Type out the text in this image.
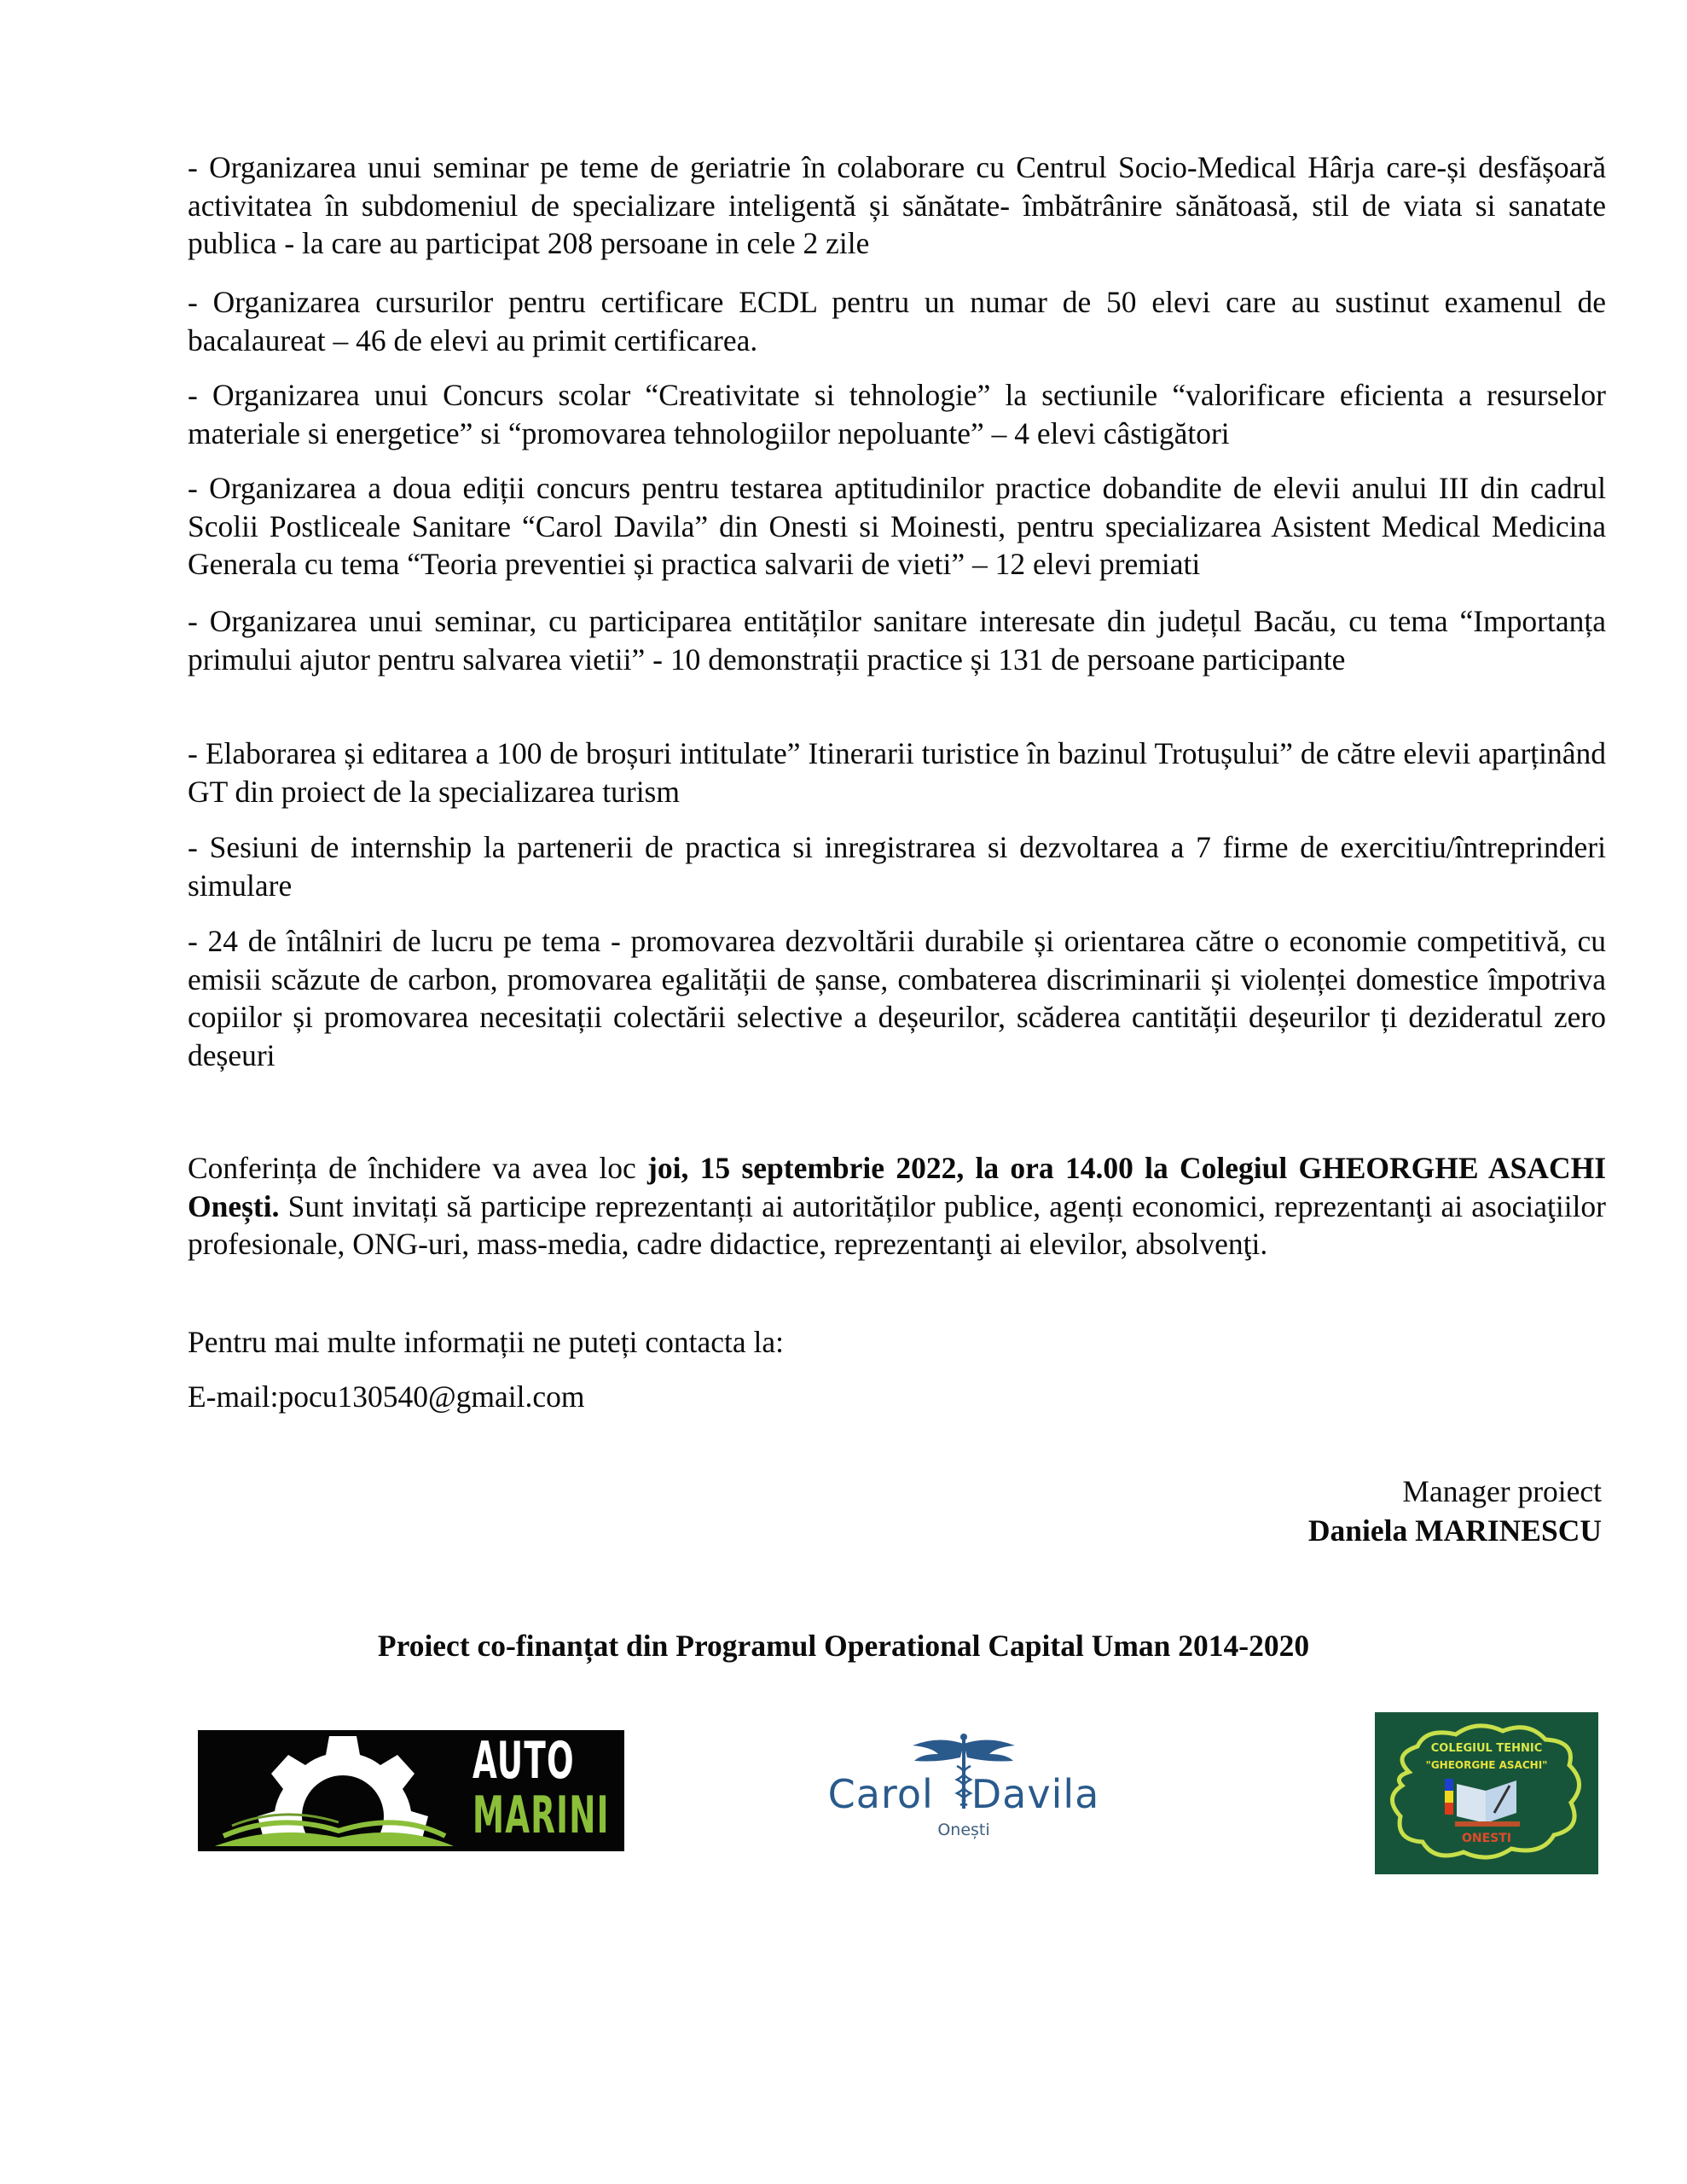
- Organizarea unui seminar pe teme de geriatrie în colaborare cu Centrul Socio-Medical Hârja care-și desfășoară activitatea în subdomeniul de specializare inteligentă și sănătate- îmbătrânire sănătoasă, stil de viata si sanatate publica - la care au participat 208 persoane in cele 2 zile

- Organizarea cursurilor pentru certificare ECDL pentru un numar de 50 elevi care au sustinut examenul de bacalaureat – 46 de elevi au primit certificarea.

- Organizarea unui Concurs scolar “Creativitate si tehnologie” la sectiunile “valorificare eficienta a resurselor materiale si energetice” si “promovarea tehnologiilor nepoluante” – 4 elevi câstigători

- Organizarea a doua ediții concurs pentru testarea aptitudinilor practice dobandite de elevii anului III din cadrul Scolii Postliceale Sanitare “Carol Davila” din Onesti si Moinesti, pentru specializarea Asistent Medical Medicina Generala cu tema “Teoria preventiei și practica salvarii de vieti” – 12 elevi premiati

- Organizarea unui seminar, cu participarea entităților sanitare interesate din județul Bacău, cu tema “Importanța primului ajutor pentru salvarea vietii” - 10 demonstrații practice și 131 de persoane participante

- Elaborarea și editarea a 100 de broșuri intitulate” Itinerarii turistice în bazinul Trotușului” de către elevii aparținând GT din proiect de la specializarea turism

- Sesiuni de internship la partenerii de practica si inregistrarea si dezvoltarea a 7 firme de exercitiu/întreprinderi simulare

- 24 de întâlniri de lucru pe tema - promovarea dezvoltării durabile și orientarea către o economie competitivă, cu emisii scăzute de carbon, promovarea egalității de șanse, combaterea discriminarii și violenței domestice împotriva copiilor și promovarea necesitații colectării selective a deșeurilor, scăderea cantității deșeurilor ți dezideratul zero deșeuri

Conferința de închidere va avea loc joi, 15 septembrie 2022, la ora 14.00 la Colegiul GHEORGHE ASACHI Onești. Sunt invitați să participe reprezentanți ai autorităților publice, agenți economici, reprezentanţi ai asociaţiilor profesionale, ONG-uri, mass-media, cadre didactice, reprezentanţi ai elevilor, absolvenţi.

Pentru mai multe informații ne puteți contacta la:

E-mail:pocu130540@gmail.com

Manager proiect
Daniela MARINESCU
Proiect co-finanțat din Programul Operational Capital Uman 2014-2020
AUTO
MARINI	Carol Davila
Onești
COLEGIUL TEHNIC
"GHEORGHE ASACHI"
ONESTI
